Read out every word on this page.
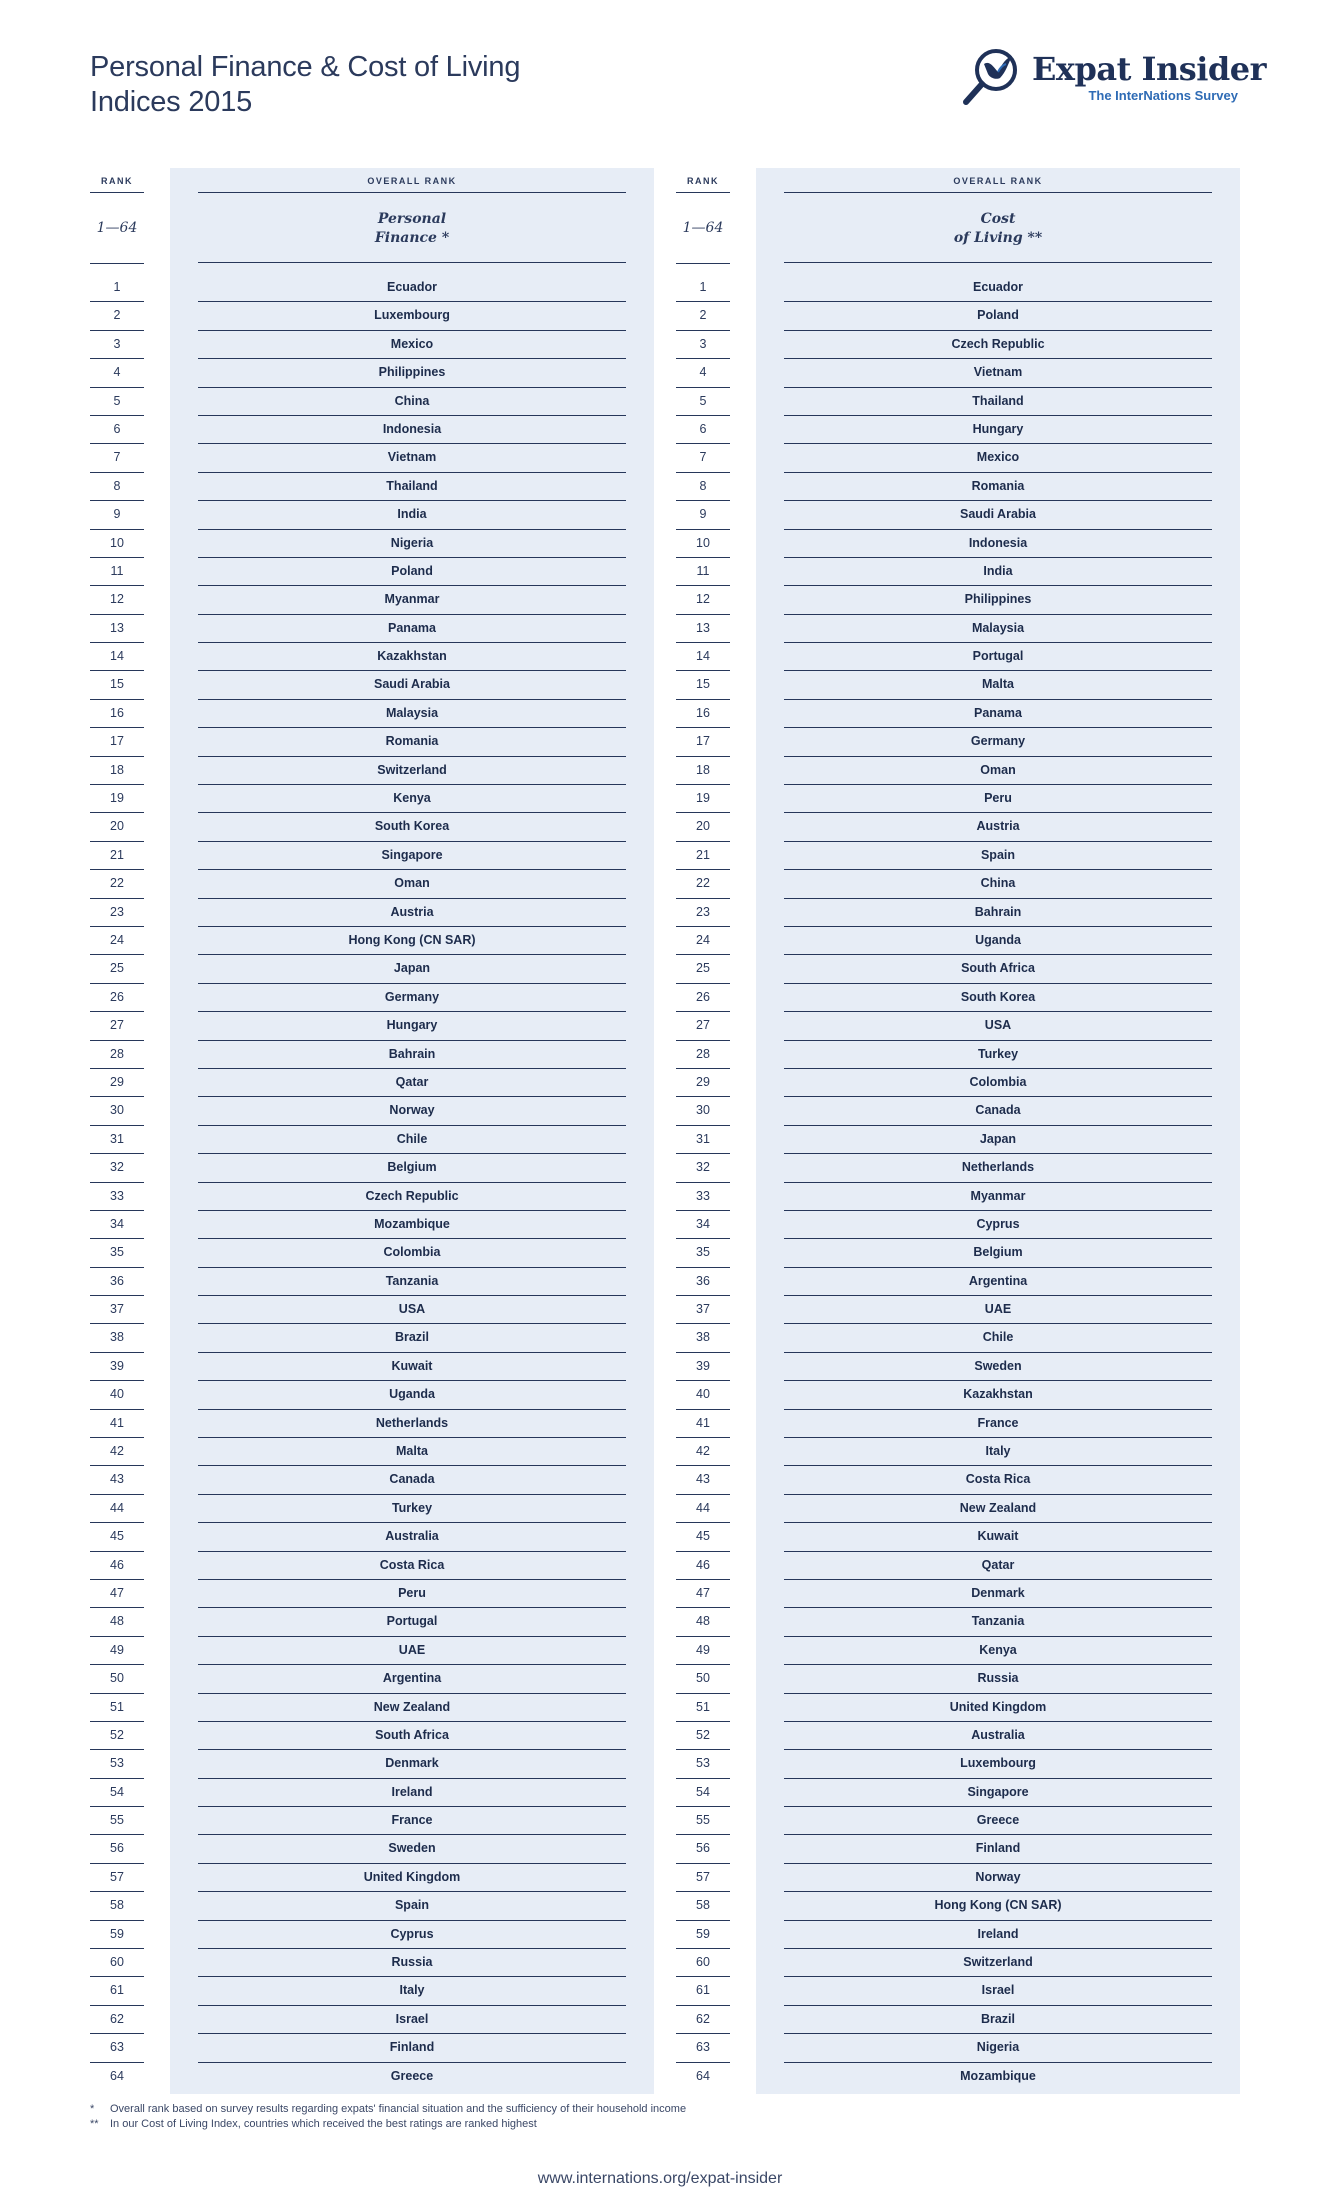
Personal Finance & Cost of Living
Indices 2015
Expat Insider
The InterNations Survey
RANK
1—64
1
2
3
4
5
6
7
8
9
10
11
12
13
14
15
16
17
18
19
20
21
22
23
24
25
26
27
28
29
30
31
32
33
34
35
36
37
38
39
40
41
42
43
44
45
46
47
48
49
50
51
52
53
54
55
56
57
58
59
60
61
62
63
64
OVERALL RANK
Personal
Finance *
Ecuador
Luxembourg
Mexico
Philippines
China
Indonesia
Vietnam
Thailand
India
Nigeria
Poland
Myanmar
Panama
Kazakhstan
Saudi Arabia
Malaysia
Romania
Switzerland
Kenya
South Korea
Singapore
Oman
Austria
Hong Kong (CN SAR)
Japan
Germany
Hungary
Bahrain
Qatar
Norway
Chile
Belgium
Czech Republic
Mozambique
Colombia
Tanzania
USA
Brazil
Kuwait
Uganda
Netherlands
Malta
Canada
Turkey
Australia
Costa Rica
Peru
Portugal
UAE
Argentina
New Zealand
South Africa
Denmark
Ireland
France
Sweden
United Kingdom
Spain
Cyprus
Russia
Italy
Israel
Finland
Greece
RANK
1—64
1
2
3
4
5
6
7
8
9
10
11
12
13
14
15
16
17
18
19
20
21
22
23
24
25
26
27
28
29
30
31
32
33
34
35
36
37
38
39
40
41
42
43
44
45
46
47
48
49
50
51
52
53
54
55
56
57
58
59
60
61
62
63
64
OVERALL RANK
Cost
of Living **
Ecuador
Poland
Czech Republic
Vietnam
Thailand
Hungary
Mexico
Romania
Saudi Arabia
Indonesia
India
Philippines
Malaysia
Portugal
Malta
Panama
Germany
Oman
Peru
Austria
Spain
China
Bahrain
Uganda
South Africa
South Korea
USA
Turkey
Colombia
Canada
Japan
Netherlands
Myanmar
Cyprus
Belgium
Argentina
UAE
Chile
Sweden
Kazakhstan
France
Italy
Costa Rica
New Zealand
Kuwait
Qatar
Denmark
Tanzania
Kenya
Russia
United Kingdom
Australia
Luxembourg
Singapore
Greece
Finland
Norway
Hong Kong (CN SAR)
Ireland
Switzerland
Israel
Brazil
Nigeria
Mozambique
* Overall rank based on survey results regarding expats' financial situation and the sufficiency of their household income
** In our Cost of Living Index, countries which received the best ratings are ranked highest
www.internations.org/expat-insider
